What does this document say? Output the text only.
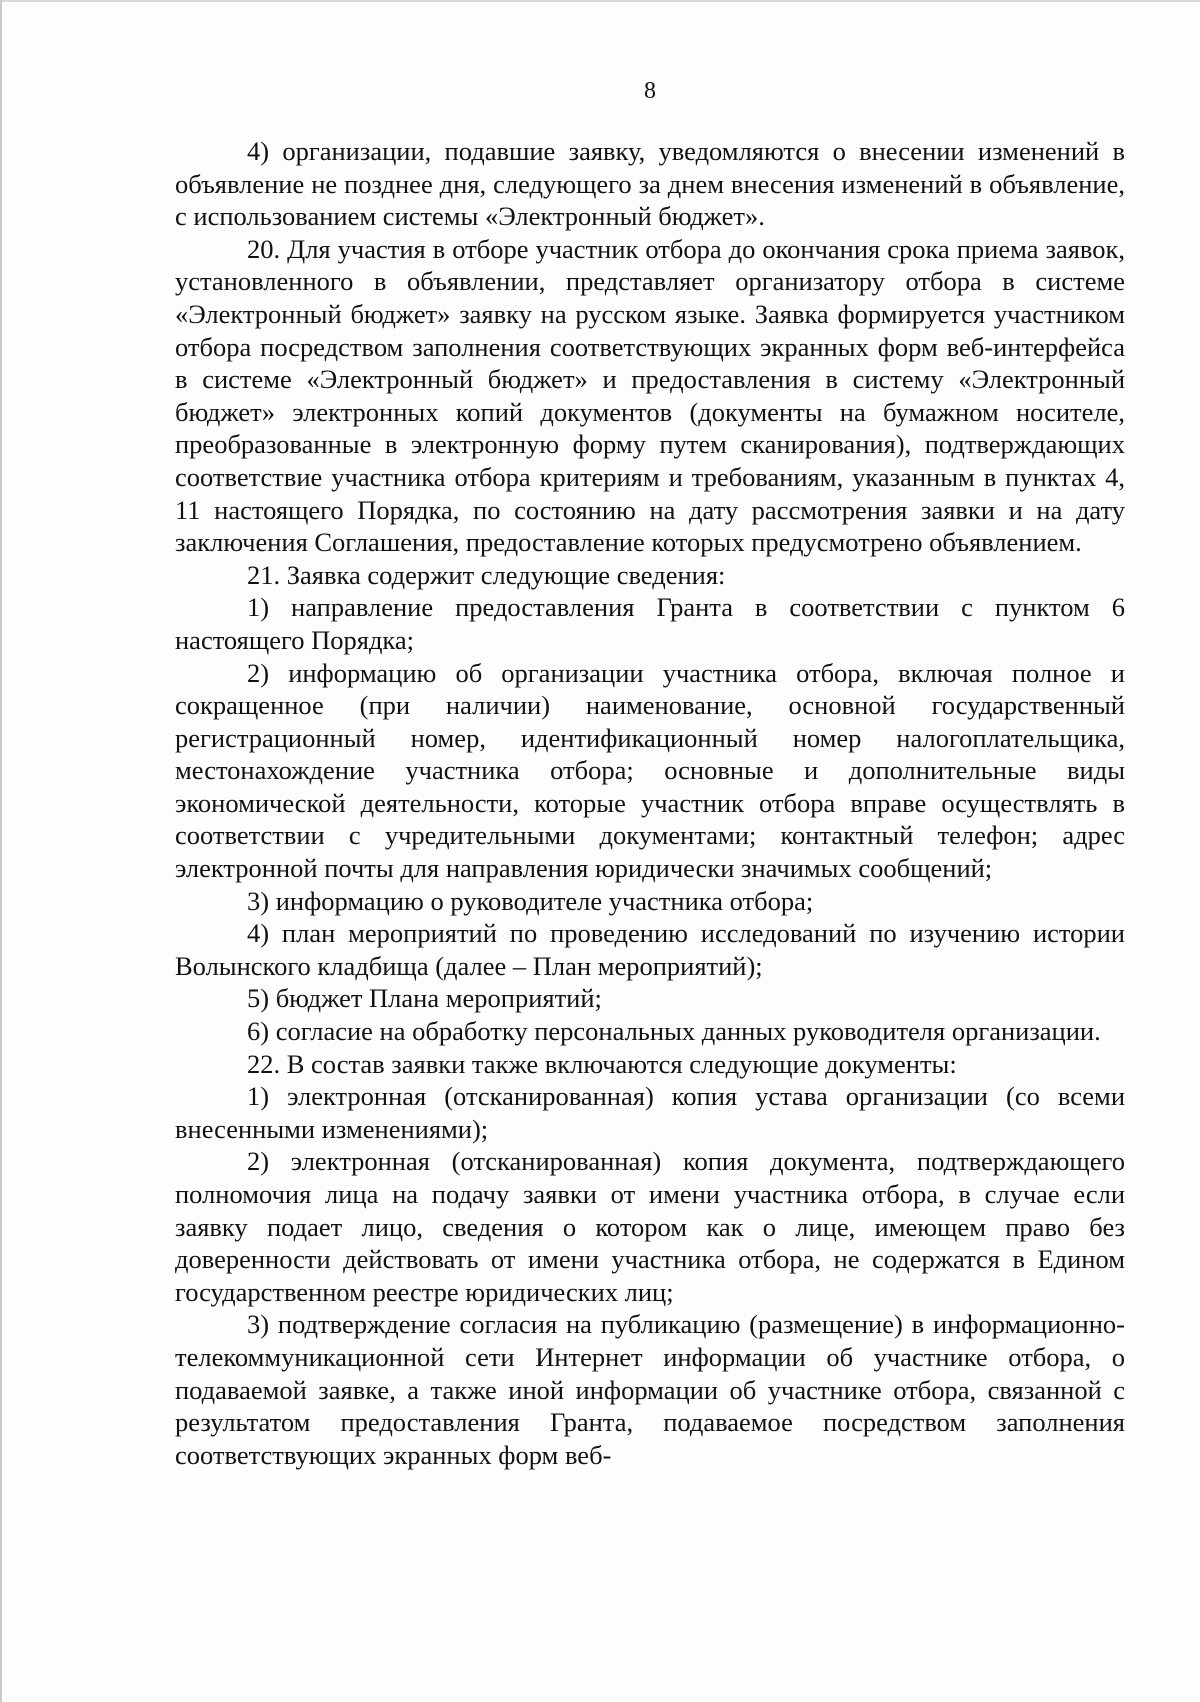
8

4) организации, подавшие заявку, уведомляются о внесении изменений в объявление не позднее дня, следующего за днем внесения изменений в объявление, с использованием системы «Электронный бюджет».

20. Для участия в отборе участник отбора до окончания срока приема заявок, установленного в объявлении, представляет организатору отбора в системе «Электронный бюджет» заявку на русском языке. Заявка формируется участником отбора посредством заполнения соответствующих экранных форм веб-интерфейса в системе «Электронный бюджет» и предоставления в систему «Электронный бюджет» электронных копий документов (документы на бумажном носителе, преобразованные в электронную форму путем сканирования), подтверждающих соответствие участника отбора критериям и требованиям, указанным в пунктах 4, 11 настоящего Порядка, по состоянию на дату рассмотрения заявки и на дату заключения Соглашения, предоставление которых предусмотрено объявлением.

21. Заявка содержит следующие сведения:

1) направление предоставления Гранта в соответствии с пунктом 6 настоящего Порядка;

2) информацию об организации участника отбора, включая полное и сокращенное (при наличии) наименование, основной государственный регистрационный номер, идентификационный номер налогоплательщика, местонахождение участника отбора; основные и дополнительные виды экономической деятельности, которые участник отбора вправе осуществлять в соответствии с учредительными документами; контактный телефон; адрес электронной почты для направления юридически значимых сообщений;

3) информацию о руководителе участника отбора;

4) план мероприятий по проведению исследований по изучению истории Волынского кладбища (далее – План мероприятий);

5) бюджет Плана мероприятий;

6) согласие на обработку персональных данных руководителя организации.

22. В состав заявки также включаются следующие документы:

1) электронная (отсканированная) копия устава организации (со всеми внесенными изменениями);

2) электронная (отсканированная) копия документа, подтверждающего полномочия лица на подачу заявки от имени участника отбора, в случае если заявку подает лицо, сведения о котором как о лице, имеющем право без доверенности действовать от имени участника отбора, не содержатся в Едином государственном реестре юридических лиц;

3) подтверждение согласия на публикацию (размещение) в информационно-телекоммуникационной сети Интернет информации об участнике отбора, о подаваемой заявке, а также иной информации об участнике отбора, связанной с результатом предоставления Гранта, подаваемое посредством заполнения соответствующих экранных форм веб-
